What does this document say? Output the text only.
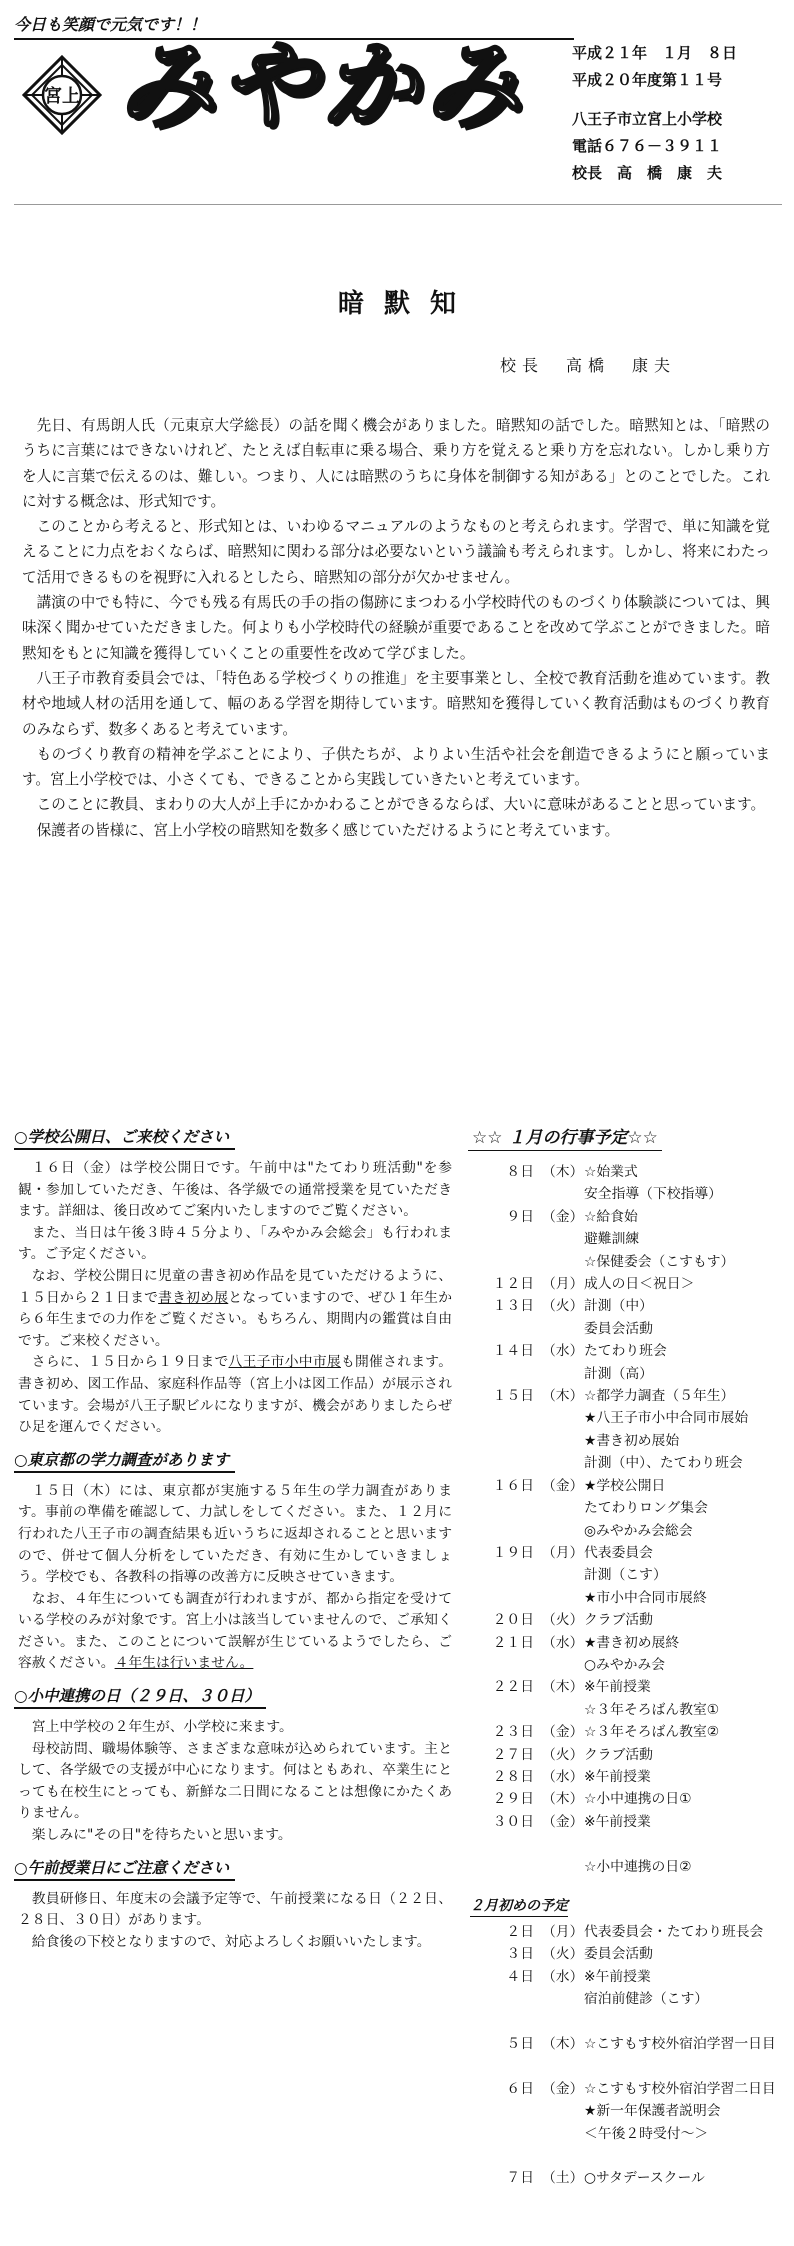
今日も笑顔で元気です！！
宮上 みやかみ	平成２１年　１月　８日
平成２０年度第１１号
八王子市立宮上小学校
電話６７６－３９１１
校長　高　橋　康　夫
暗默知
校長　高橋　康夫

先日、有馬朗人氏（元東京大学総長）の話を聞く機会がありました。暗黙知の話でした。暗黙知とは、「暗黙のうちに言葉にはできないけれど、たとえば自転車に乗る場合、乗り方を覚えると乗り方を忘れない。しかし乗り方を人に言葉で伝えるのは、難しい。つまり、人には暗黙のうちに身体を制御する知がある」とのことでした。これに対する概念は、形式知です。

このことから考えると、形式知とは、いわゆるマニュアルのようなものと考えられます。学習で、単に知識を覚えることに力点をおくならば、暗黙知に関わる部分は必要ないという議論も考えられます。しかし、将来にわたって活用できるものを視野に入れるとしたら、暗黙知の部分が欠かせません。

講演の中でも特に、今でも残る有馬氏の手の指の傷跡にまつわる小学校時代のものづくり体験談については、興味深く聞かせていただきました。何よりも小学校時代の経験が重要であることを改めて学ぶことができました。暗黙知をもとに知識を獲得していくことの重要性を改めて学びました。

八王子市教育委員会では、「特色ある学校づくりの推進」を主要事業とし、全校で教育活動を進めています。教材や地域人材の活用を通して、幅のある学習を期待しています。暗黙知を獲得していく教育活動はものづくり教育のみならず、数多くあると考えています。

ものづくり教育の精神を学ぶことにより、子供たちが、よりよい生活や社会を創造できるようにと願っています。宮上小学校では、小さくても、できることから実践していきたいと考えています。

このことに教員、まわりの大人が上手にかかわることができるならば、大いに意味があることと思っています。

保護者の皆様に、宮上小学校の暗黙知を数多く感じていただけるようにと考えています。

○学校公開日、ご来校ください

１６日（金）は学校公開日です。午前中は"たてわり班活動"を参観・参加していただき、午後は、各学級での通常授業を見ていただきます。詳細は、後日改めてご案内いたしますのでご覧ください。

また、当日は午後３時４５分より、「みやかみ会総会」も行われます。ご予定ください。

なお、学校公開日に児童の書き初め作品を見ていただけるように、１５日から２１日まで書き初め展となっていますので、ぜひ１年生から６年生までの力作をご覧ください。もちろん、期間内の鑑賞は自由です。ご来校ください。

さらに、１５日から１９日まで八王子市小中市展も開催されます。書き初め、図工作品、家庭科作品等（宮上小は図工作品）が展示されています。会場が八王子駅ビルになりますが、機会がありましたらぜひ足を運んでください。

○東京都の学力調査があります

１５日（木）には、東京都が実施する５年生の学力調査があります。事前の準備を確認して、力試しをしてください。また、１２月に行われた八王子市の調査結果も近いうちに返却されることと思いますので、併せて個人分析をしていただき、有効に生かしていきましょう。学校でも、各教科の指導の改善方に反映させていきます。

なお、４年生についても調査が行われますが、都から指定を受けている学校のみが対象です。宮上小は該当していませんので、ご承知ください。また、このことについて誤解が生じているようでしたら、ご容赦ください。４年生は行いません。

○小中連携の日（２９日、３０日）

宮上中学校の２年生が、小学校に来ます。

母校訪問、職場体験等、さまざまな意味が込められています。主として、各学級での支援が中心になります。何はともあれ、卒業生にとっても在校生にとっても、新鮮な二日間になることは想像にかたくありません。

楽しみに"その日"を待ちたいと思います。

○午前授業日にご注意ください

教員研修日、年度末の会議予定等で、午前授業になる日（２２日、２８日、３０日）があります。

給食後の下校となりますので、対応よろしくお願いいたします。

☆☆ １月の行事予定☆☆
８日	（木）	☆始業式
		安全指導（下校指導）
９日	（金）	☆給食始
		避難訓練
		☆保健委会（こすもす）
１２日	（月）	成人の日＜祝日＞
１３日	（火）	計測（中）
		委員会活動
１４日	（水）	たてわり班会
		計測（高）
１５日	（木）	☆都学力調査（５年生）
		★八王子市小中合同市展始
		★書き初め展始
		計測（中）、たてわり班会
１６日	（金）	★学校公開日
		たてわりロング集会
		◎みやかみ会総会
１９日	（月）	代表委員会
		計測（こす）
		★市小中合同市展終
２０日	（火）	クラブ活動
２１日	（水）	★書き初め展終
		○みやかみ会
２２日	（木）	※午前授業
		☆３年そろばん教室①
２３日	（金）	☆３年そろばん教室②
２７日	（火）	クラブ活動
２８日	（水）	※午前授業
２９日	（木）	☆小中連携の日①
３０日	（金）	※午前授業

		☆小中連携の日②
２月初めの予定
２日	（月）	代表委員会・たてわり班長会
３日	（火）	委員会活動
４日	（水）	※午前授業
		宿泊前健診（こす）

５日	（木）	☆こすもす校外宿泊学習一日目

６日	（金）	☆こすもす校外宿泊学習二日目
		★新一年保護者説明会
		＜午後２時受付～＞

７日	（土）	○サタデースクール
